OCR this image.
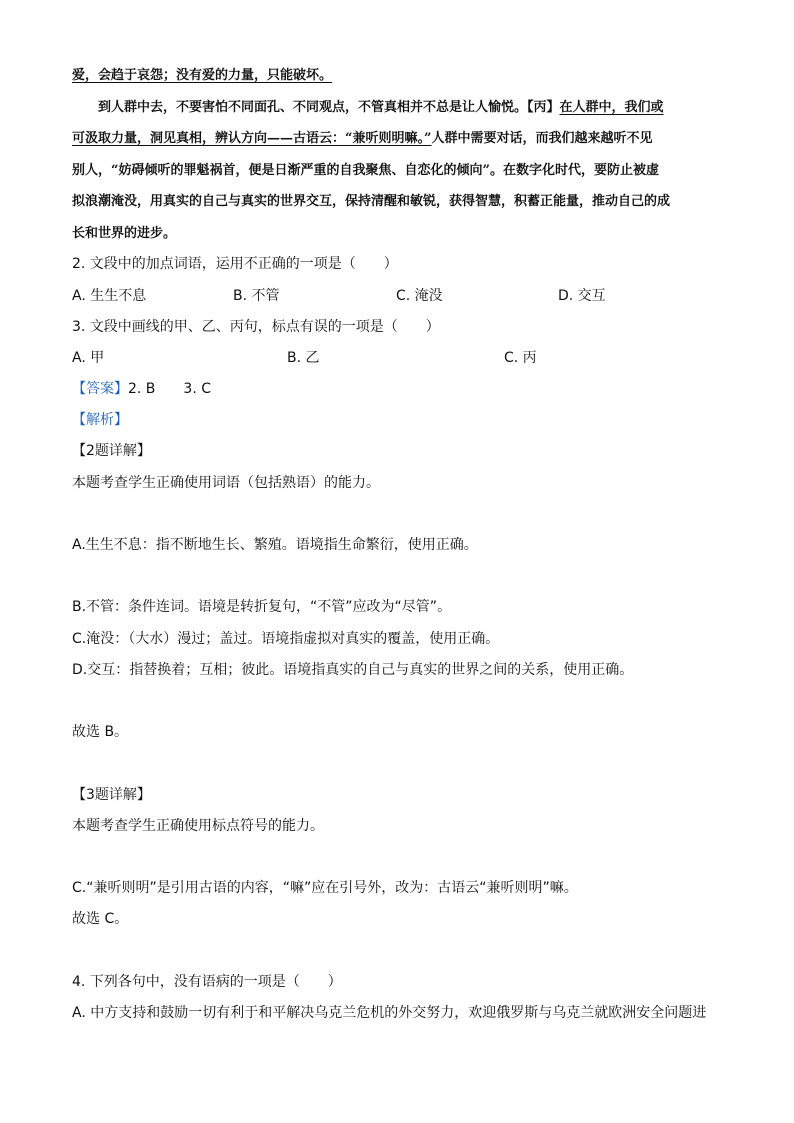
爱，会趋于哀怨；没有爱的力量，只能破坏。
到人群中去，不要害怕不同面孔、不同观点，不管真相并不总是让人愉悦。【丙】在人群中，我们或
可汲取力量，洞见真相，辨认方向——古语云：“兼听则明嘛。”人群中需要对话，而我们越来越听不见
别人，“妨碍倾听的罪魁祸首，便是日渐严重的自我聚焦、自恋化的倾向”。在数字化时代，要防止被虚
拟浪潮淹没，用真实的自己与真实的世界交互，保持清醒和敏锐，获得智慧，积蓄正能量，推动自己的成
长和世界的进步。
2. 文段中的加点词语，运用不正确的一项是（　　）
A. 生生不息	B. 不管	C. 淹没	D. 交互
3. 文段中画线的甲、乙、丙句，标点有误的一项是（　　）
A. 甲	B. 乙	C. 丙
【答案】2. B　　3. C
【解析】
【2题详解】
本题考查学生正确使用词语（包括熟语）的能力。
A.生生不息：指不断地生长、繁殖。语境指生命繁衍，使用正确。
B.不管：条件连词。语境是转折复句，“不管”应改为“尽管”。
C.淹没：（大水）漫过；盖过。语境指虚拟对真实的覆盖，使用正确。
D.交互：指替换着；互相；彼此。语境指真实的自己与真实的世界之间的关系，使用正确。
故选 B。
【3题详解】
本题考查学生正确使用标点符号的能力。
C.“兼听则明”是引用古语的内容，“嘛”应在引号外，改为：古语云“兼听则明”嘛。
故选 C。
4. 下列各句中，没有语病的一项是（　　）
A. 中方支持和鼓励一切有利于和平解决乌克兰危机的外交努力，欢迎俄罗斯与乌克兰就欧洲安全问题进
